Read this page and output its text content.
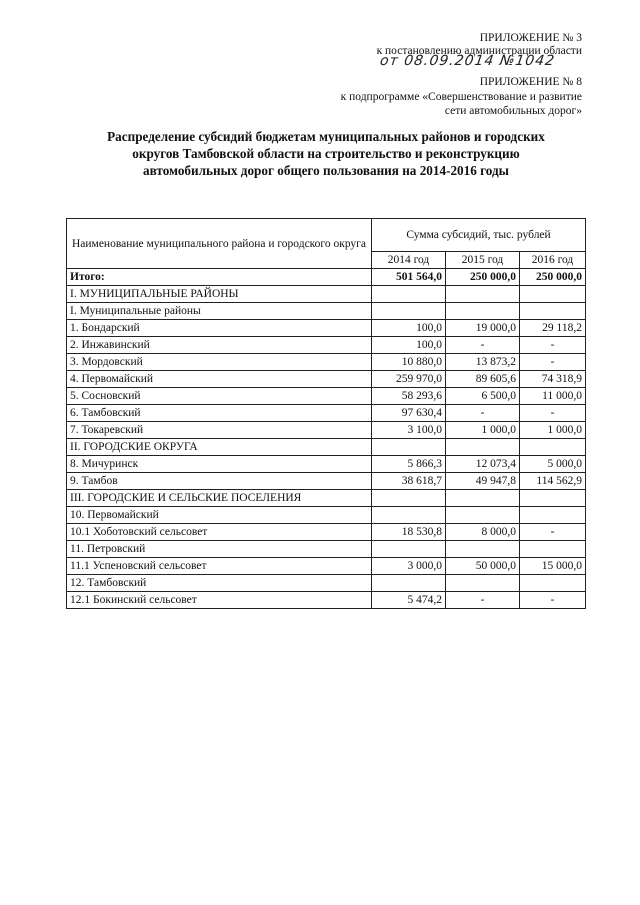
ПРИЛОЖЕНИЕ № 3
к постановлению администрации области
от 08.09.2014 №1042
ПРИЛОЖЕНИЕ № 8
к подпрограмме «Совершенствование и развитие
сети автомобильных дорог»
Распределение субсидий бюджетам муниципальных районов и городских
округов Тамбовской области на строительство и реконструкцию
автомобильных дорог общего пользования на 2014-2016 годы
Наименование муниципального района и городского округа	Сумма субсидий, тыс. рублей		
	2014 год	2015 год	2016 год
Итого:	501 564,0	250 000,0	250 000,0
I. МУНИЦИПАЛЬНЫЕ РАЙОНЫ			
I. Муниципальные районы			
1. Бондарский	100,0	19 000,0	29 118,2
2. Инжавинский	100,0	-	-
3. Мордовский	10 880,0	13 873,2	-
4. Первомайский	259 970,0	89 605,6	74 318,9
5. Сосновский	58 293,6	6 500,0	11 000,0
6. Тамбовский	97 630,4	-	-
7. Токаревский	3 100,0	1 000,0	1 000,0
II. ГОРОДСКИЕ ОКРУГА			
8. Мичуринск	5 866,3	12 073,4	5 000,0
9. Тамбов	38 618,7	49 947,8	114 562,9
III. ГОРОДСКИЕ И СЕЛЬСКИЕ ПОСЕЛЕНИЯ			
10. Первомайский			
10.1 Хоботовский сельсовет	18 530,8	8 000,0	-
11. Петровский			
11.1 Успеновский сельсовет	3 000,0	50 000,0	15 000,0
12. Тамбовский			
12.1 Бокинский сельсовет	5 474,2	-	-
